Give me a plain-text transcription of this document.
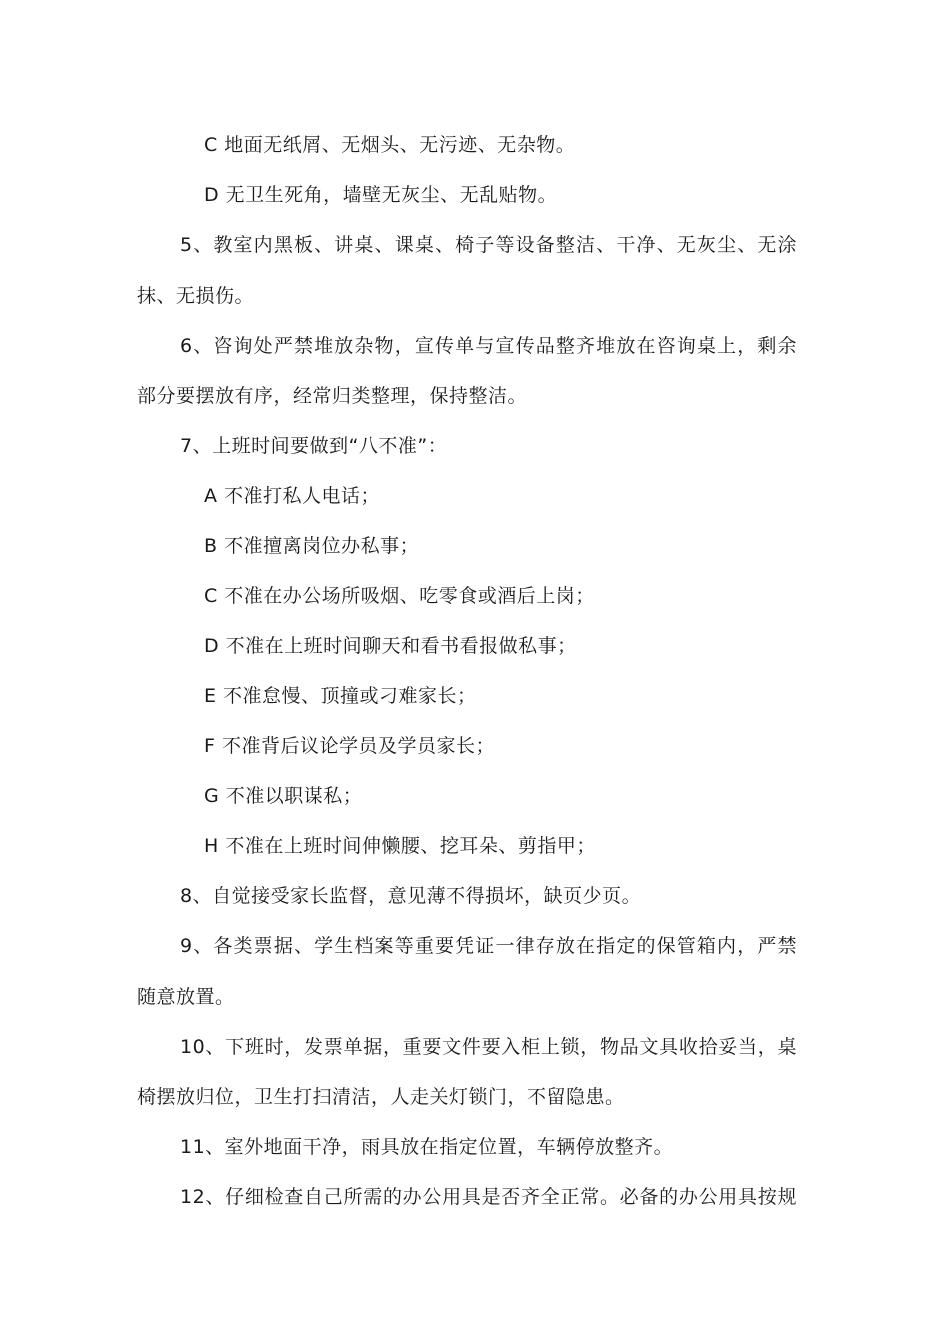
C 地面无纸屑、无烟头、无污迹、无杂物。
D 无卫生死角，墙壁无灰尘、无乱贴物。
5、教室内黑板、讲桌、课桌、椅子等设备整洁、干净、无灰尘、无涂
抹、无损伤。
6、咨询处严禁堆放杂物，宣传单与宣传品整齐堆放在咨询桌上，剩余
部分要摆放有序，经常归类整理，保持整洁。
7、上班时间要做到“八不准”：
A 不准打私人电话；
B 不准擅离岗位办私事；
C 不准在办公场所吸烟、吃零食或酒后上岗；
D 不准在上班时间聊天和看书看报做私事；
E 不准怠慢、顶撞或刁难家长；
F 不准背后议论学员及学员家长；
G 不准以职谋私；
H 不准在上班时间伸懒腰、挖耳朵、剪指甲；
8、自觉接受家长监督，意见薄不得损坏，缺页少页。
9、各类票据、学生档案等重要凭证一律存放在指定的保管箱内，严禁
随意放置。
10、下班时，发票单据，重要文件要入柜上锁，物品文具收拾妥当，桌
椅摆放归位，卫生打扫清洁，人走关灯锁门，不留隐患。
11、室外地面干净，雨具放在指定位置，车辆停放整齐。
12、仔细检查自己所需的办公用具是否齐全正常。必备的办公用具按规
